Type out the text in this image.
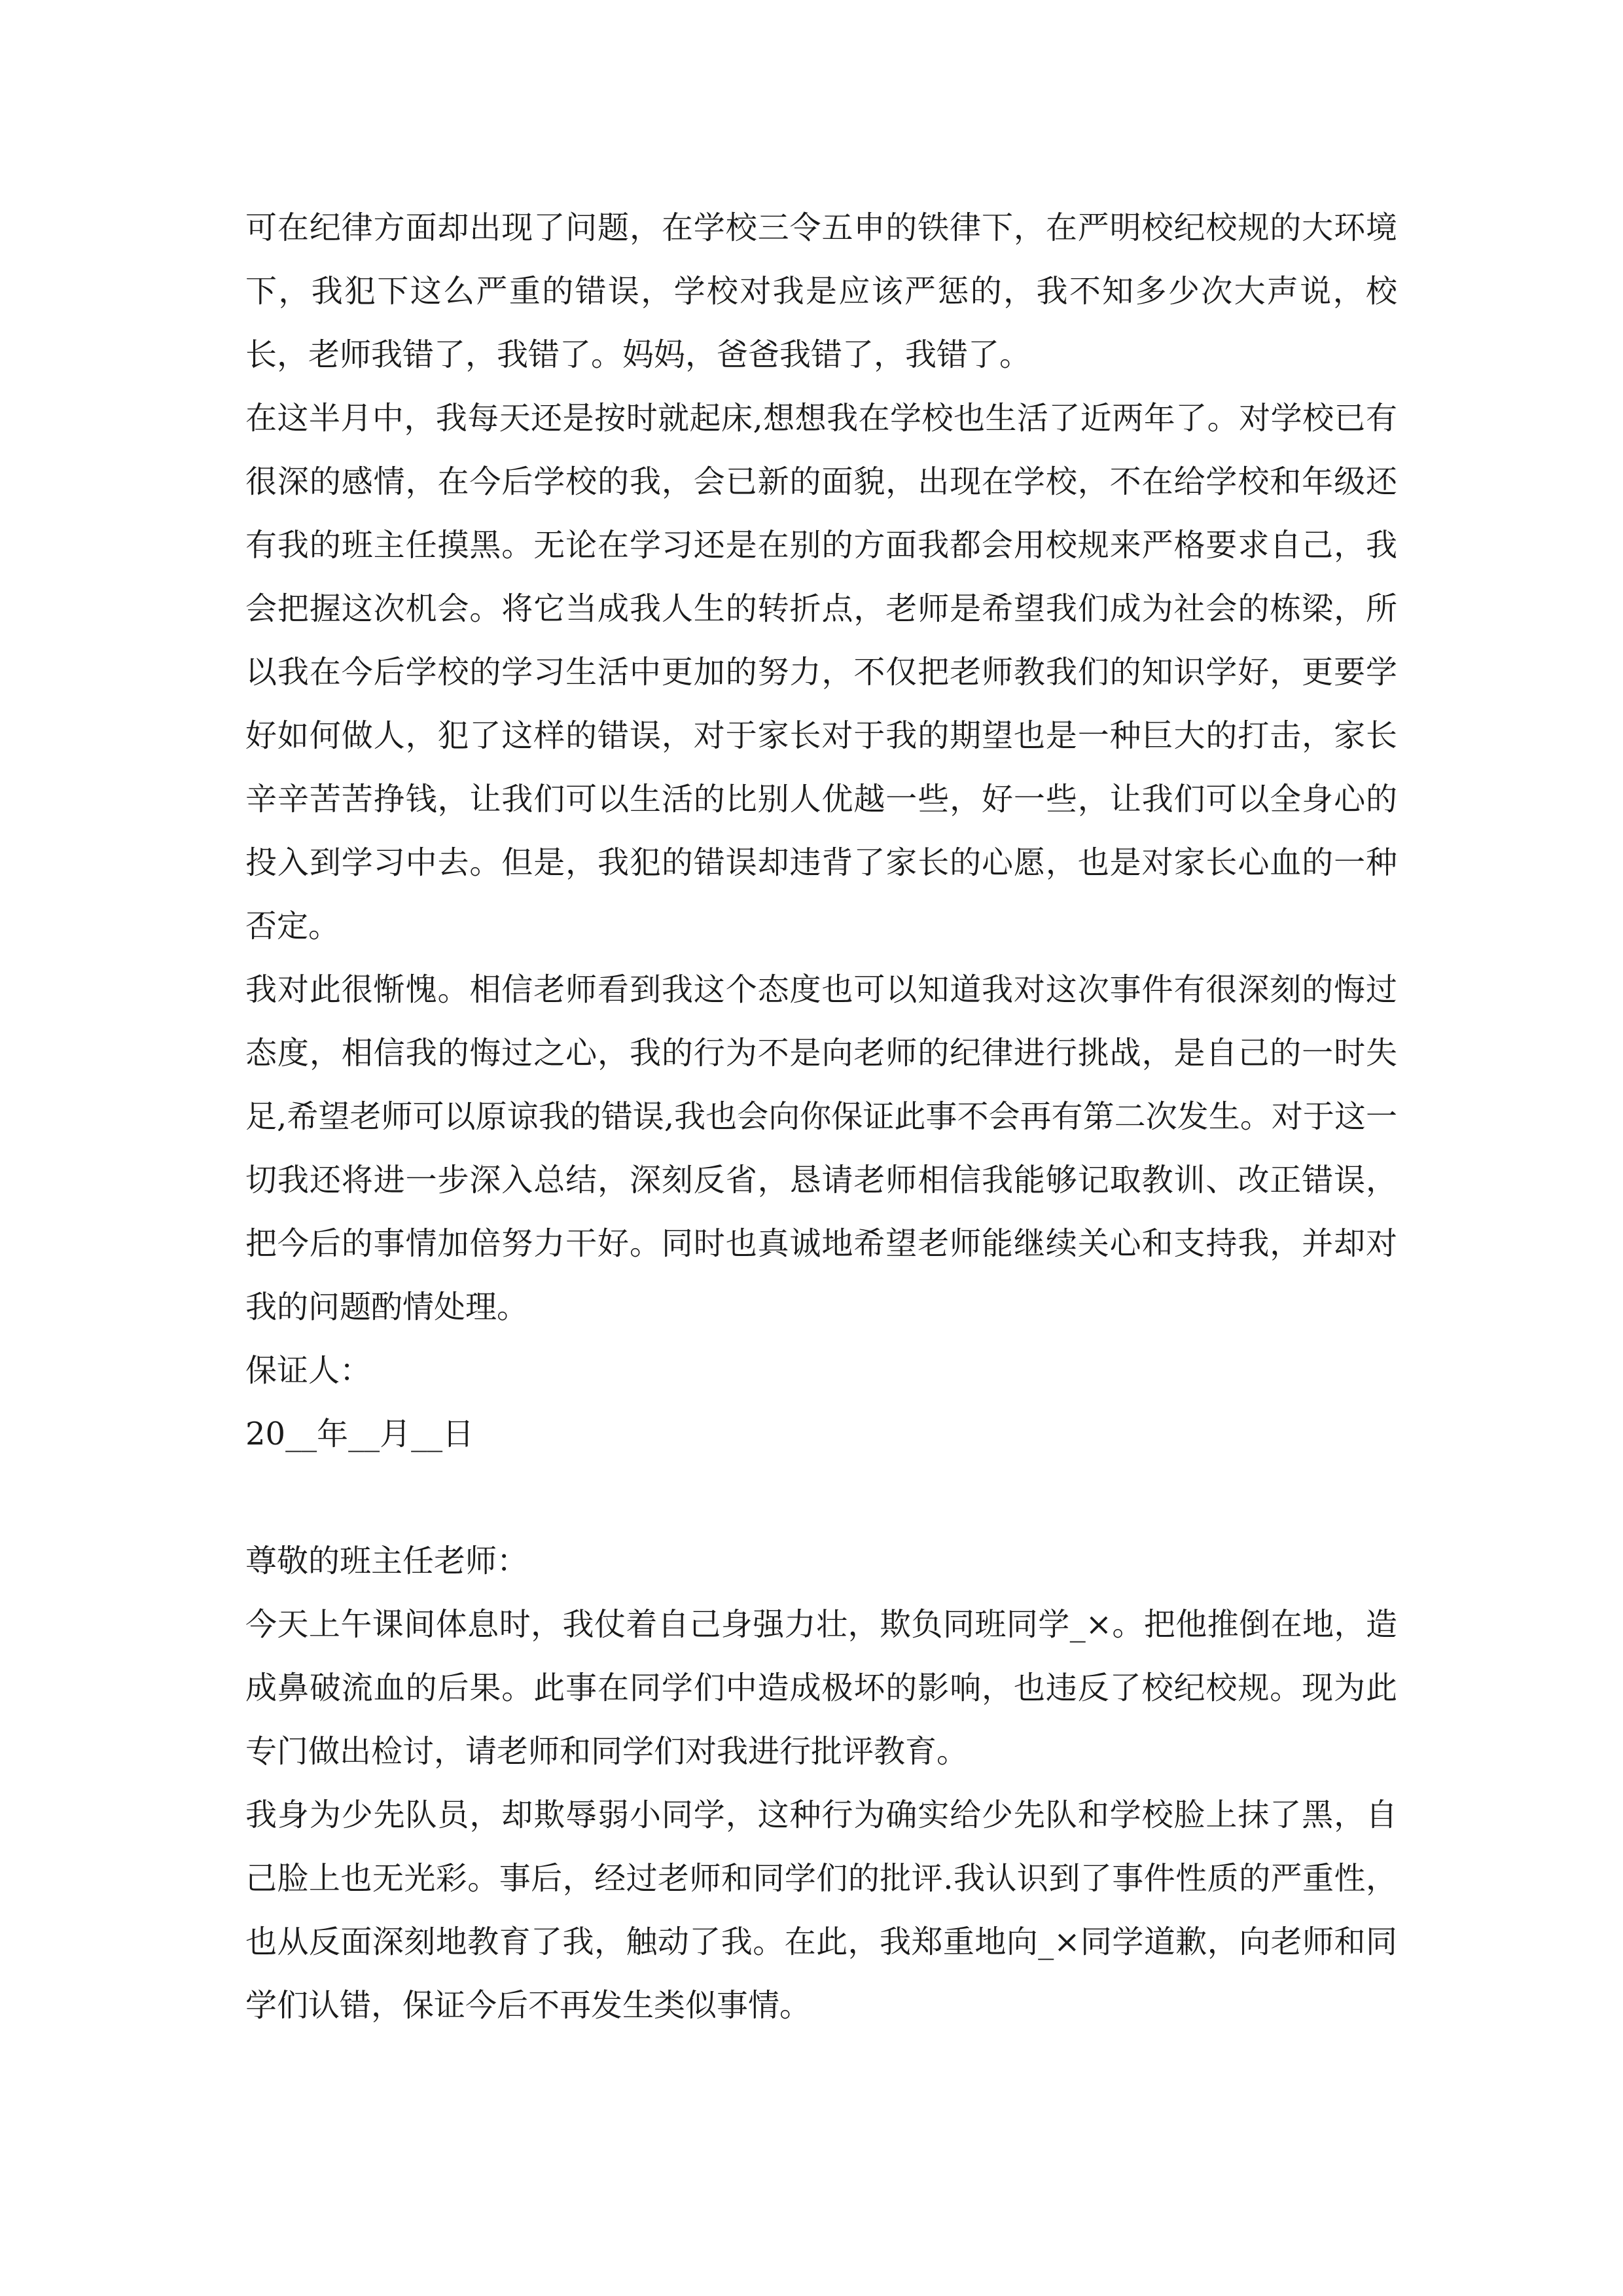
可在纪律方面却出现了问题，在学校三令五申的铁律下，在严明校纪校规的大环境下，我犯下这么严重的错误，学校对我是应该严惩的，我不知多少次大声说，校长，老师我错了，我错了。妈妈，爸爸我错了，我错了。

在这半月中，我每天还是按时就起床,想想我在学校也生活了近两年了。对学校已有很深的感情，在今后学校的我，会已新的面貌，出现在学校，不在给学校和年级还有我的班主任摸黑。无论在学习还是在别的方面我都会用校规来严格要求自己，我会把握这次机会。将它当成我人生的转折点，老师是希望我们成为社会的栋梁，所以我在今后学校的学习生活中更加的努力，不仅把老师教我们的知识学好，更要学好如何做人，犯了这样的错误，对于家长对于我的期望也是一种巨大的打击，家长辛辛苦苦挣钱，让我们可以生活的比别人优越一些，好一些，让我们可以全身心的投入到学习中去。但是，我犯的错误却违背了家长的心愿，也是对家长心血的一种否定。

我对此很惭愧。相信老师看到我这个态度也可以知道我对这次事件有很深刻的悔过态度，相信我的悔过之心，我的行为不是向老师的纪律进行挑战，是自己的一时失足,希望老师可以原谅我的错误,我也会向你保证此事不会再有第二次发生。对于这一切我还将进一步深入总结，深刻反省，恳请老师相信我能够记取教训、改正错误，把今后的事情加倍努力干好。同时也真诚地希望老师能继续关心和支持我，并却对我的问题酌情处理。

保证人：

20__年__月__日

尊敬的班主任老师：

今天上午课间体息时，我仗着自己身强力壮，欺负同班同学_×。把他推倒在地，造成鼻破流血的后果。此事在同学们中造成极坏的影响，也违反了校纪校规。现为此专门做出检讨，请老师和同学们对我进行批评教育。

我身为少先队员，却欺辱弱小同学，这种行为确实给少先队和学校脸上抹了黑，自己脸上也无光彩。事后，经过老师和同学们的批评.我认识到了事件性质的严重性，也从反面深刻地教育了我，触动了我。在此，我郑重地向_×同学道歉，向老师和同学们认错，保证今后不再发生类似事情。
